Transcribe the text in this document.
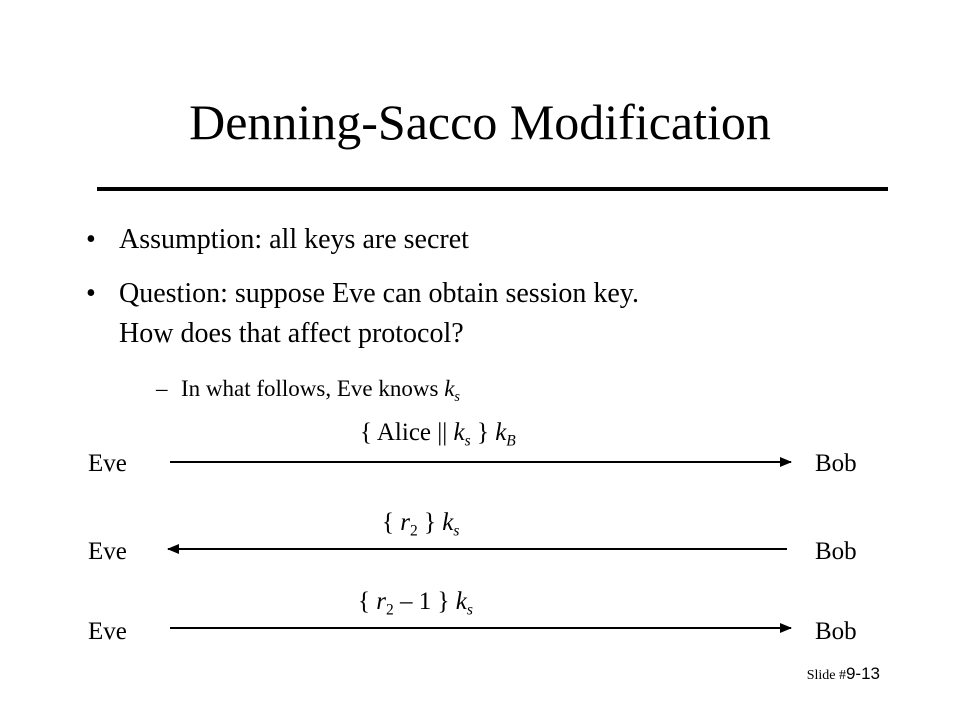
Denning-Sacco Modification
• Assumption: all keys are secret
• Question: suppose Eve can obtain session key.
How does that affect protocol?
– In what follows, Eve knows $k_s$
{ Alice || $k_s$ } $k_B$
Eve	Bob
{ $r_2$ } $k_s$
Eve	Bob
{ $r_2 - 1$ } $k_s$
Eve	Bob
Slide #9-13
